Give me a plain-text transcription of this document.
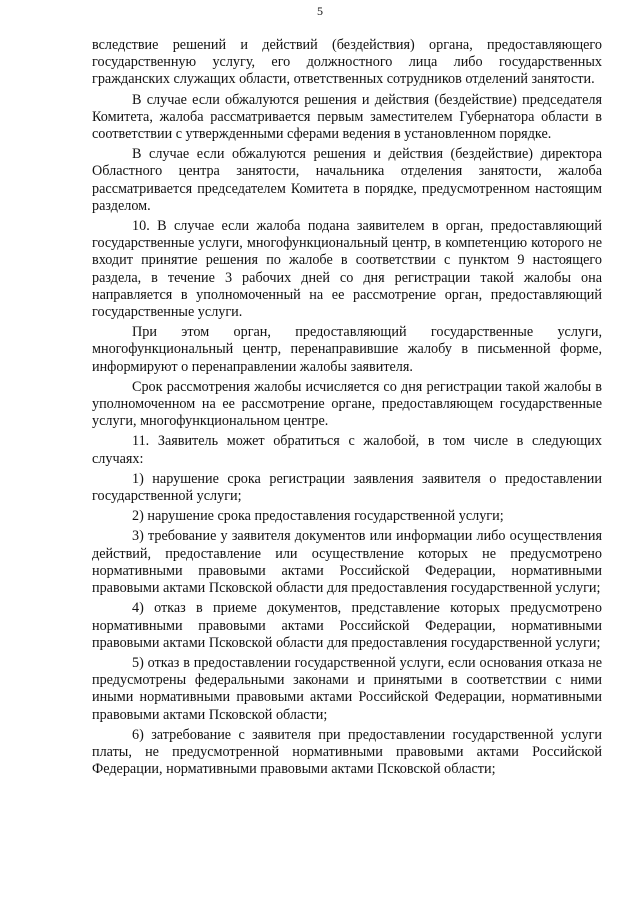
5

вследствие решений и действий (бездействия) органа, предоставляющего государственную услугу, его должностного лица либо государственных гражданских служащих области, ответственных сотрудников отделений занятости.

В случае если обжалуются решения и действия (бездействие) председателя Комитета, жалоба рассматривается первым заместителем Губернатора области в соответствии с утвержденными сферами ведения в установленном порядке.

В случае если обжалуются решения и действия (бездействие) директора Областного центра занятости, начальника отделения занятости, жалоба рассматривается председателем Комитета в порядке, предусмотренном настоящим разделом.

10. В случае если жалоба подана заявителем в орган, предоставляющий государственные услуги, многофункциональный центр, в компетенцию которого не входит принятие решения по жалобе в соответствии с пунктом 9 настоящего раздела, в течение 3 рабочих дней со дня регистрации такой жалобы она направляется в уполномоченный на ее рассмотрение орган, предоставляющий государственные услуги.

При этом орган, предоставляющий государственные услуги, многофункциональный центр, перенаправившие жалобу в письменной форме, информируют о перенаправлении жалобы заявителя.

Срок рассмотрения жалобы исчисляется со дня регистрации такой жалобы в уполномоченном на ее рассмотрение органе, предоставляющем государственные услуги, многофункциональном центре.

11. Заявитель может обратиться с жалобой, в том числе в следующих случаях:

1) нарушение срока регистрации заявления заявителя о предоставлении государственной услуги;

2) нарушение срока предоставления государственной услуги;

3) требование у заявителя документов или информации либо осуществления действий, предоставление или осуществление которых не предусмотрено нормативными правовыми актами Российской Федерации, нормативными правовыми актами Псковской области для предоставления государственной услуги;

4) отказ в приеме документов, представление которых предусмотрено нормативными правовыми актами Российской Федерации, нормативными правовыми актами Псковской области для предоставления государственной услуги;

5) отказ в предоставлении государственной услуги, если основания отказа не предусмотрены федеральными законами и принятыми в соответствии с ними иными нормативными правовыми актами Российской Федерации, нормативными правовыми актами Псковской области;

6) затребование с заявителя при предоставлении государственной услуги платы, не предусмотренной нормативными правовыми актами Российской Федерации, нормативными правовыми актами Псковской области;
